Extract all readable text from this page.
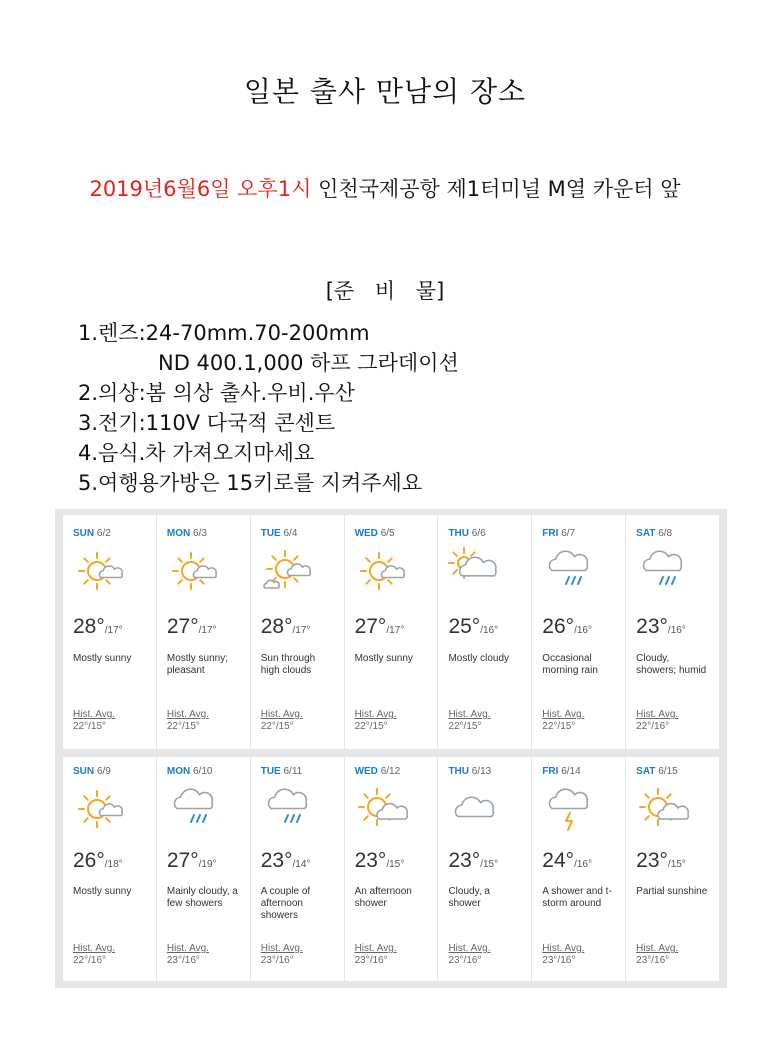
일본 출사 만남의 장소
2019년6월6일 오후1시 인천국제공항 제1터미널 M열 카운터 앞
[준 비 물]
1.렌즈:24-70mm.70-200mm
ND 400.1,000 하프 그라데이션
2.의상:봄 의상 출사.우비.우산
3.전기:110V 다국적 콘센트
4.음식.차 가져오지마세요
5.여행용가방은 15키로를 지켜주세요
SUN 6/2
28°/17°
Mostly sunny
Hist. Avg.
22°/15°
MON 6/3
27°/17°
Mostly sunny; pleasant
Hist. Avg.
22°/15°
TUE 6/4
28°/17°
Sun through high clouds
Hist. Avg.
22°/15°
WED 6/5
27°/17°
Mostly sunny
Hist. Avg.
22°/15°
THU 6/6
25°/16°
Mostly cloudy
Hist. Avg.
22°/15°
FRI 6/7
26°/16°
Occasional morning rain
Hist. Avg.
22°/15°
SAT 6/8
23°/16°
Cloudy, showers; humid
Hist. Avg.
22°/16°
SUN 6/9
26°/18°
Mostly sunny
Hist. Avg.
22°/16°
MON 6/10
27°/19°
Mainly cloudy, a few showers
Hist. Avg.
23°/16°
TUE 6/11
23°/14°
A couple of afternoon showers
Hist. Avg.
23°/16°
WED 6/12
23°/15°
An afternoon shower
Hist. Avg.
23°/16°
THU 6/13
23°/15°
Cloudy, a shower
Hist. Avg.
23°/16°
FRI 6/14
24°/16°
A shower and t-storm around
Hist. Avg.
23°/16°
SAT 6/15
23°/15°
Partial sunshine
Hist. Avg.
23°/16°
